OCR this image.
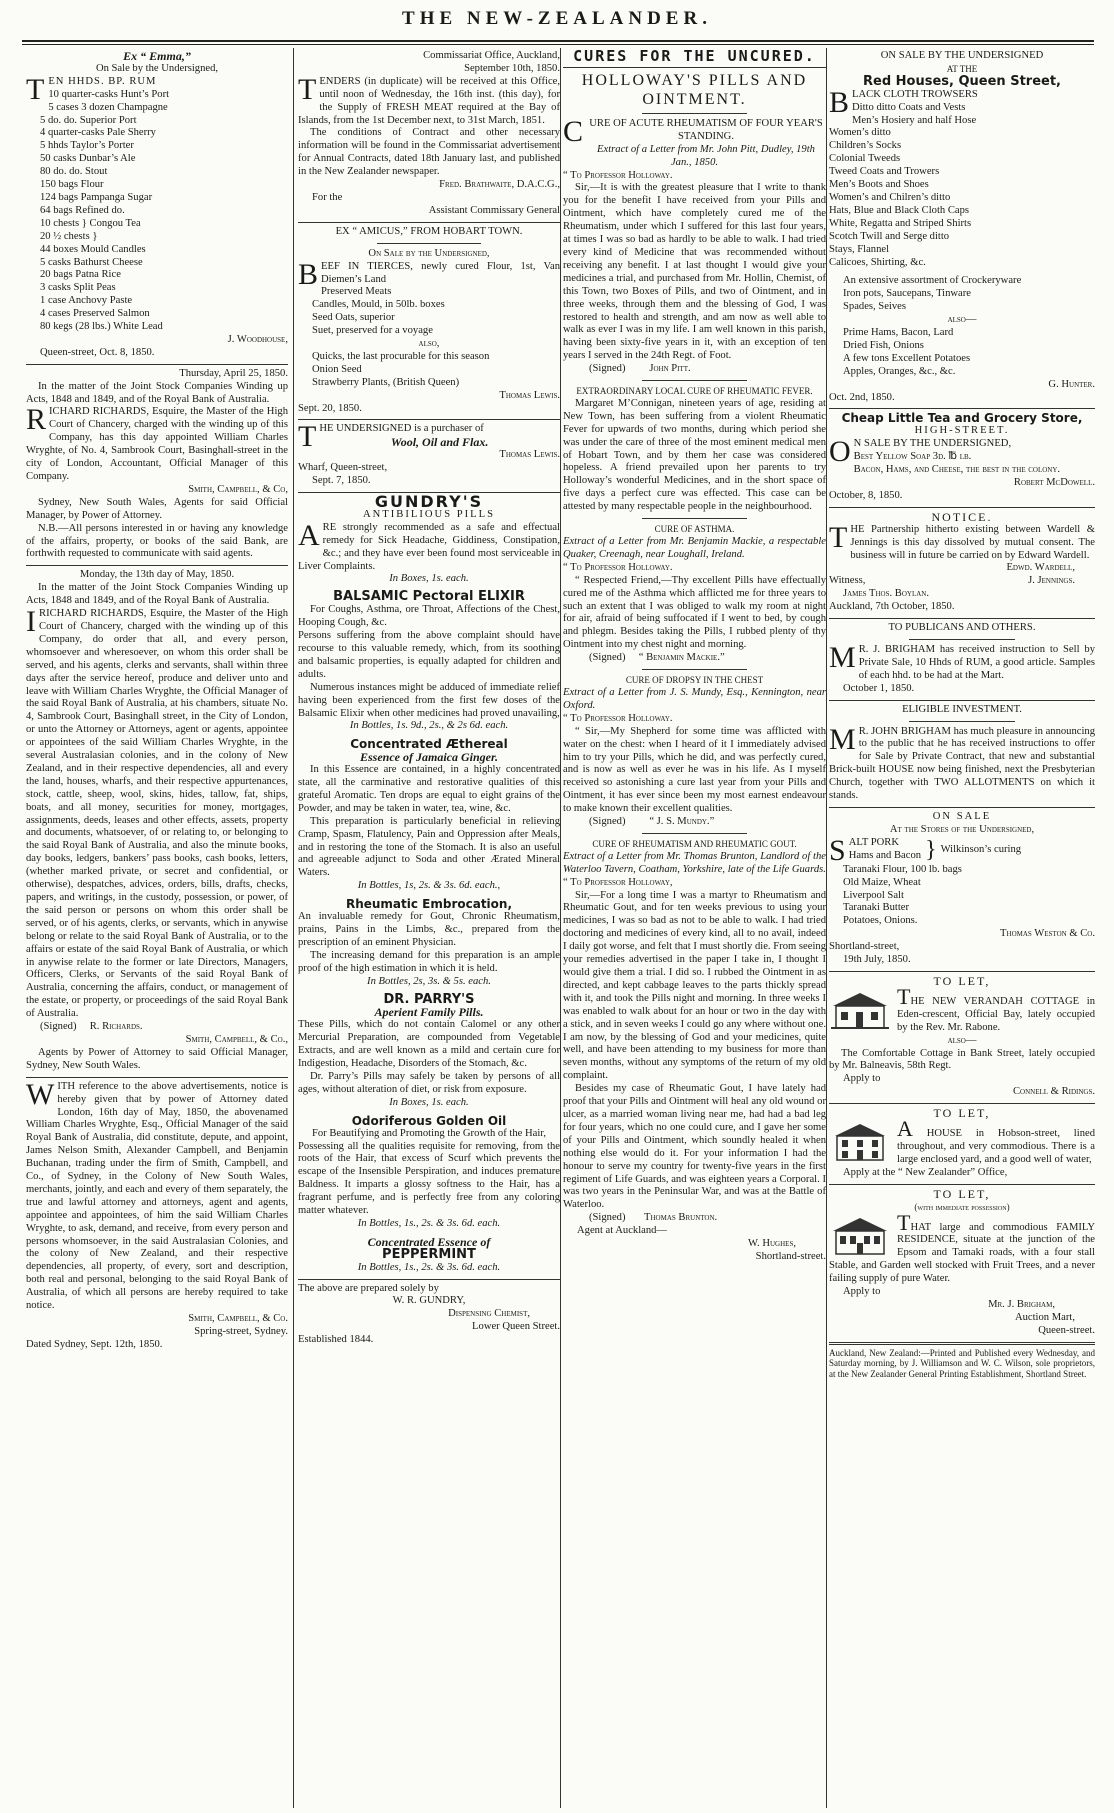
THE NEW-ZEALANDER.

Ex “ Emma,”

On Sale by the Undersigned,

TEN HHDS. BP. RUM

10 quarter-casks Hunt’s Port

5 cases 3 dozen Champagne

5 do. do. Superior Port

4 quarter-casks Pale Sherry

5 hhds Taylor’s Porter

50 casks Dunbar’s Ale

80 do. do. Stout

150 bags Flour

124 bags Pampanga Sugar

64 bags Refined do.

10 chests } Congou Tea

20 ½ chests }

44 boxes Mould Candles

5 casks Bathurst Cheese

20 bags Patna Rice

3 casks Split Peas

1 case Anchovy Paste

4 cases Preserved Salmon

80 kegs (28 lbs.) White Lead

J. Woodhouse,

Queen-street, Oct. 8, 1850.

Thursday, April 25, 1850.

In the matter of the Joint Stock Companies Winding up Acts, 1848 and 1849, and of the Royal Bank of Australia.

RICHARD RICHARDS, Esquire, the Master of the High Court of Chancery, charged with the winding up of this Company, has this day appointed William Charles Wryghte, of No. 4, Sambrook Court, Basinghall-street in the city of London, Accountant, Official Manager of this Company.

Smith, Campbell, & Co,

Sydney, New South Wales, Agents for said Official Manager, by Power of Attorney.

N.B.—All persons interested in or having any knowledge of the affairs, property, or books of the said Bank, are forthwith requested to communicate with said agents.

Monday, the 13th day of May, 1850.

In the matter of the Joint Stock Companies Winding up Acts, 1848 and 1849, and of the Royal Bank of Australia.

IRICHARD RICHARDS, Esquire, the Master of the High Court of Chancery, charged with the winding up of this Company, do order that all, and every person, whomsoever and wheresoever, on whom this order shall be served, and his agents, clerks and servants, shall within three days after the service hereof, produce and deliver unto and leave with William Charles Wryghte, the Official Manager of the said Royal Bank of Australia, at his chambers, situate No. 4, Sambrook Court, Basinghall street, in the City of London, or unto the Attorney or Attorneys, agent or agents, appointee or appointees of the said William Charles Wryghte, in the several Australasian colonies, and in the colony of New Zealand, and in their respective dependencies, all and every the land, houses, wharfs, and their respective appurtenances, stock, cattle, sheep, wool, skins, hides, tallow, fat, ships, boats, and all money, securities for money, mortgages, assignments, deeds, leases and other effects, assets, property and documents, whatsoever, of or relating to, or belonging to the said Royal Bank of Australia, and also the minute books, day books, ledgers, bankers’ pass books, cash books, letters, (whether marked private, or secret and confidential, or otherwise), despatches, advices, orders, bills, drafts, checks, papers, and writings, in the custody, possession, or power, of the said person or persons on whom this order shall be served, or of his agents, clerks, or servants, which in anywise belong or relate to the said Royal Bank of Australia, or to the affairs or estate of the said Royal Bank of Australia, or which in anywise relate to the former or late Directors, Managers, Officers, Clerks, or Servants of the said Royal Bank of Australia, concerning the affairs, conduct, or management of the estate, or property, or proceedings of the said Royal Bank of Australia.

(Signed) R. Richards.

Smith, Campbell, & Co.,

Agents by Power of Attorney to said Official Manager, Sydney, New South Wales.

WITH reference to the above advertisements, notice is hereby given that by power of Attorney dated London, 16th day of May, 1850, the abovenamed William Charles Wryghte, Esq., Official Manager of the said Royal Bank of Australia, did constitute, depute, and appoint, James Nelson Smith, Alexander Campbell, and Benjamin Buchanan, trading under the firm of Smith, Campbell, and Co., of Sydney, in the Colony of New South Wales, merchants, jointly, and each and every of them separately, the true and lawful attorney and attorneys, agent and agents, appointee and appointees, of him the said William Charles Wryghte, to ask, demand, and receive, from every person and persons whomsoever, in the said Australasian Colonies, and the colony of New Zealand, and their respective dependencies, all property, of every, sort and description, both real and personal, belonging to the said Royal Bank of Australia, of which all persons are hereby required to take notice.

Smith, Campbell, & Co.

Spring-street, Sydney.

Dated Sydney, Sept. 12th, 1850.

Commissariat Office, Auckland,

September 10th, 1850.

TENDERS (in duplicate) will be received at this Office, until noon of Wednesday, the 16th inst. (this day), for the Supply of FRESH MEAT required at the Bay of Islands, from the 1st December next, to 31st March, 1851.

The conditions of Contract and other necessary information will be found in the Commissariat advertisement for Annual Contracts, dated 18th January last, and published in the New Zealander newspaper.

Fred. Brathwaite, D.A.C.G.,

For the

Assistant Commissary General

EX “ AMICUS,” FROM HOBART TOWN.

On Sale by the Undersigned,

BEEF IN TIERCES, newly cured Flour, 1st, Van Diemen’s Land

Preserved Meats

Candles, Mould, in 50lb. boxes

Seed Oats, superior

Suet, preserved for a voyage

also,

Quicks, the last procurable for this season

Onion Seed

Strawberry Plants, (British Queen)

Thomas Lewis.

Sept. 20, 1850.

THE UNDERSIGNED is a purchaser of

Wool, Oil and Flax.

Thomas Lewis.

Wharf, Queen-street,

Sept. 7, 1850.

GUNDRY'S

ANTIBILIOUS PILLS

ARE strongly recommended as a safe and effectual remedy for Sick Headache, Giddiness, Constipation, &c.; and they have ever been found most serviceable in Liver Complaints.

In Boxes, 1s. each.

BALSAMIC Pectoral ELIXIR

For Coughs, Asthma, ore Throat, Affections of the Chest, Hooping Cough, &c.

Persons suffering from the above complaint should have recourse to this valuable remedy, which, from its soothing and balsamic properties, is equally adapted for children and adults.

Numerous instances might be adduced of immediate relief having been experienced from the first few doses of the Balsamic Elixir when other medicines had proved unavailing,

In Bottles, 1s. 9d., 2s., & 2s 6d. each.

Concentrated Æthereal

Essence of Jamaica Ginger.

In this Essence are contained, in a highly concentrated state, all the carminative and restorative qualities of this grateful Aromatic. Ten drops are equal to eight grains of the Powder, and may be taken in water, tea, wine, &c.

This preparation is particularly beneficial in relieving Cramp, Spasm, Flatulency, Pain and Oppression after Meals, and in restoring the tone of the Stomach. It is also an useful and agreeable adjunct to Soda and other Ærated Mineral Waters.

In Bottles, 1s, 2s. & 3s. 6d. each.,

Rheumatic Embrocation,

An invaluable remedy for Gout, Chronic Rheumatism, prains, Pains in the Limbs, &c., prepared from the prescription of an eminent Physician.

The increasing demand for this preparation is an ample proof of the high estimation in which it is held.

In Bottles, 2s, 3s. & 5s. each.

DR. PARRY'S

Aperient Family Pills.

These Pills, which do not contain Calomel or any other Mercurial Preparation, are compounded from Vegetable Extracts, and are well known as a mild and certain cure for Indigestion, Headache, Disorders of the Stomach, &c.

Dr. Parry’s Pills may safely be taken by persons of all ages, without alteration of diet, or risk from exposure.

In Boxes, 1s. each.

Odoriferous Golden Oil

For Beautifying and Promoting the Growth of the Hair,

Possessing all the qualities requisite for removing, from the roots of the Hair, that excess of Scurf which prevents the escape of the Insensible Perspiration, and induces premature Baldness. It imparts a glossy softness to the Hair, has a fragrant perfume, and is perfectly free from any coloring matter whatever.

In Bottles, 1s., 2s. & 3s. 6d. each.

Concentrated Essence of

PEPPERMINT

In Bottles, 1s., 2s. & 3s. 6d. each.

The above are prepared solely by

W. R. GUNDRY,

Dispensing Chemist,

Lower Queen Street.

Established 1844.

CURES FOR THE UNCURED.

HOLLOWAY'S PILLS AND

OINTMENT.

CURE OF ACUTE RHEUMATISM OF FOUR YEAR'S STANDING.

Extract of a Letter from Mr. John Pitt, Dudley, 19th Jan., 1850.

“ To Professor Holloway.

Sir,—It is with the greatest pleasure that I write to thank you for the benefit I have received from your Pills and Ointment, which have completely cured me of the Rheumatism, under which I suffered for this last four years, at times I was so bad as hardly to be able to walk. I had tried every kind of Medicine that was recommended without receiving any benefit. I at last thought I would give your medicines a trial, and purchased from Mr. Hollin, Chemist, of this Town, two Boxes of Pills, and two of Ointment, and in three weeks, through them and the blessing of God, I was restored to health and strength, and am now as well able to walk as ever I was in my life. I am well known in this parish, having been sixty-five years in it, with an exception of ten years I served in the 24th Regt. of Foot.

(Signed) John Pitt.

EXTRAORDINARY LOCAL CURE OF RHEUMATIC FEVER.

Margaret M’Connigan, nineteen years of age, residing at New Town, has been suffering from a violent Rheumatic Fever for upwards of two months, during which period she was under the care of three of the most eminent medical men of Hobart Town, and by them her case was considered hopeless. A friend prevailed upon her parents to try Holloway’s wonderful Medicines, and in the short space of five days a perfect cure was effected. This case can be attested by many respectable people in the neighbourhood.

CURE OF ASTHMA.

Extract of a Letter from Mr. Benjamin Mackie, a respectable Quaker, Creenagh, near Loughall, Ireland.

“ To Professor Holloway.

“ Respected Friend,—Thy excellent Pills have effectually cured me of the Asthma which afflicted me for three years to such an extent that I was obliged to walk my room at night for air, afraid of being suffocated if I went to bed, by cough and phlegm. Besides taking the Pills, I rubbed plenty of thy Ointment into my chest night and morning.

(Signed) “ Benjamin Mackie.”

CURE OF DROPSY IN THE CHEST

Extract of a Letter from J. S. Mundy, Esq., Kennington, near Oxford.

“ To Professor Holloway.

“ Sir,—My Shepherd for some time was afflicted with water on the chest: when I heard of it I immediately advised him to try your Pills, which he did, and was perfectly cured, and is now as well as ever he was in his life. As I myself received so astonishing a cure last year from your Pills and Ointment, it has ever since been my most earnest endeavour to make known their excellent qualities.

(Signed) “ J. S. Mundy.”

CURE OF RHEUMATISM AND RHEUMATIC GOUT.

Extract of a Letter from Mr. Thomas Brunton, Landlord of the Waterloo Tavern, Coatham, Yorkshire, late of the Life Guards.

“ To Professor Holloway,

Sir,—For a long time I was a martyr to Rheumatism and Rheumatic Gout, and for ten weeks previous to using your medicines, I was so bad as not to be able to walk. I had tried doctoring and medicines of every kind, all to no avail, indeed I daily got worse, and felt that I must shortly die. From seeing your remedies advertised in the paper I take in, I thought I would give them a trial. I did so. I rubbed the Ointment in as directed, and kept cabbage leaves to the parts thickly spread with it, and took the Pills night and morning. In three weeks I was enabled to walk about for an hour or two in the day with a stick, and in seven weeks I could go any where without one. I am now, by the blessing of God and your medicines, quite well, and have been attending to my business for more than seven months, without any symptoms of the return of my old complaint.

Besides my case of Rheumatic Gout, I have lately had proof that your Pills and Ointment will heal any old wound or ulcer, as a married woman living near me, had had a bad leg for four years, which no one could cure, and I gave her some of your Pills and Ointment, which soundly healed it when nothing else would do it. For your information I had the honour to serve my country for twenty-five years in the first regiment of Life Guards, and was eighteen years a Corporal. I was two years in the Peninsular War, and was at the Battle of Waterloo.

(Signed) Thomas Brunton.

Agent at Auckland—

W. Hughes,

Shortland-street.

ON SALE BY THE UNDERSIGNED

AT THE

Red Houses, Queen Street,

BLACK CLOTH TROWSERS

Ditto ditto Coats and Vests

Men’s Hosiery and half Hose

Women’s ditto

Children’s Socks

Colonial Tweeds

Tweed Coats and Trowers

Men’s Boots and Shoes

Women’s and Chilren’s ditto

Hats, Blue and Black Cloth Caps

White, Regatta and Striped Shirts

Scotch Twill and Serge ditto

Stays, Flannel

Calicoes, Shirting, &c.

An extensive assortment of Crockeryware

Iron pots, Saucepans, Tinware

Spades, Seives

also—

Prime Hams, Bacon, Lard

Dried Fish, Onions

A few tons Excellent Potatoes

Apples, Oranges, &c., &c.

G. Hunter.

Oct. 2nd, 1850.

Cheap Little Tea and Grocery Store,

HIGH-STREET.

O N SALE BY THE UNDERSIGNED,

Best Yellow Soap 3d. ℔ lb.

Bacon, Hams, and Cheese, the best in the colony.

Robert McDowell.

October, 8, 1850.

NOTICE.

THE Partnership hitherto existing between Wardell & Jennings is this day dissolved by mutual consent. The business will in future be carried on by Edward Wardell.

Edwd. Wardell,

Witness,	J. Jennings.

James Thos. Boylan.

Auckland, 7th October, 1850.

TO PUBLICANS AND OTHERS.

M R. J. BRIGHAM has received instruction to Sell by Private Sale, 10 Hhds of RUM, a good article. Samples of each hhd. to be had at the Mart.

October 1, 1850.

ELIGIBLE INVESTMENT.

M R. JOHN BRIGHAM has much pleasure in announcing to the public that he has received instructions to offer for Sale by Private Contract, that new and substantial Brick-built HOUSE now being finished, next the Presbyterian Church, together with TWO ALLOTMENTS on which it stands.

ON SALE

At the Stores of the Undersigned,

S ALT PORK

Hams and Bacon } Wilkinson’s curing

Taranaki Flour, 100 lb. bags

Old Maize, Wheat

Liverpool Salt

Taranaki Butter

Potatoes, Onions.

Thomas Weston & Co.

Shortland-street,

19th July, 1850.

TO LET,

THE NEW VERANDAH COTTAGE in Eden-crescent, Official Bay, lately occupied by the Rev. Mr. Rabone.

also—

The Comfortable Cottage in Bank Street, lately occupied by Mr. Balneavis, 58th Regt.

Apply to

Connell & Ridings.

TO LET,

A HOUSE in Hobson-street, lined throughout, and very commodious. There is a large enclosed yard, and a good well of water,

Apply at the “ New Zealander” Office,

TO LET,

(with immediate possession)

THAT large and commodious FAMILY RESIDENCE, situate at the junction of the Epsom and Tamaki roads, with a four stall Stable, and Garden well stocked with Fruit Trees, and a never failing supply of pure Water.

Apply to

Mr. J. Brigham,

Auction Mart,

Queen-street.

Auckland, New Zealand:—Printed and Published every Wednesday, and Saturday morning, by J. Williamson and W. C. Wilson, sole proprietors, at the New Zealander General Printing Establishment, Shortland Street.
